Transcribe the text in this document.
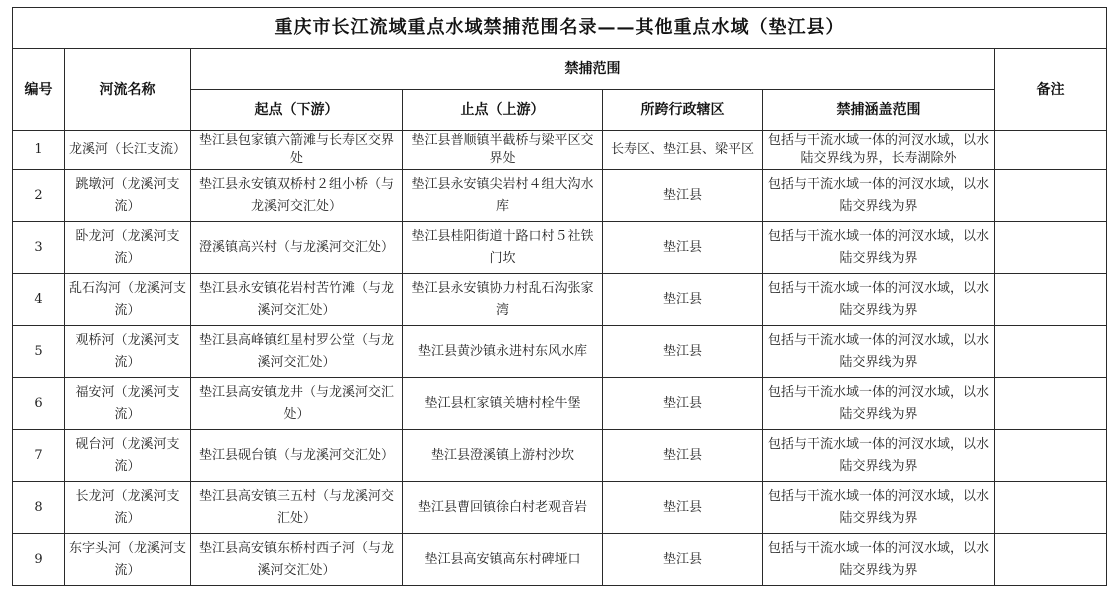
重庆市长江流域重点水域禁捕范围名录——其他重点水域（垫江县）						
编号	河流名称	禁捕范围				备注
		起点（下游）	止点（上游）	所跨行政辖区	禁捕涵盖范围	
1	龙溪河（长江支流）	垫江县包家镇六箭滩与长寿区交界处	垫江县普顺镇半截桥与梁平区交界处	长寿区、垫江县、梁平区	包括与干流水域一体的河汊水域，以水陆交界线为界，长寿湖除外	
2	跳墩河（龙溪河支流）	垫江县永安镇双桥村２组小桥（与龙溪河交汇处）	垫江县永安镇尖岩村４组大沟水库	垫江县	包括与干流水域一体的河汊水域，以水陆交界线为界	
3	卧龙河（龙溪河支流）	澄溪镇高兴村（与龙溪河交汇处）	垫江县桂阳街道十路口村５社铁门坎	垫江县	包括与干流水域一体的河汊水域，以水陆交界线为界	
4	乱石沟河（龙溪河支流）	垫江县永安镇花岩村苦竹滩（与龙溪河交汇处）	垫江县永安镇协力村乱石沟张家湾	垫江县	包括与干流水域一体的河汊水域，以水陆交界线为界	
5	观桥河（龙溪河支流）	垫江县高峰镇红星村罗公堂（与龙溪河交汇处）	垫江县黄沙镇永进村东风水库	垫江县	包括与干流水域一体的河汊水域，以水陆交界线为界	
6	福安河（龙溪河支流）	垫江县高安镇龙井（与龙溪河交汇处）	垫江县杠家镇关塘村栓牛堡	垫江县	包括与干流水域一体的河汊水域，以水陆交界线为界	
7	砚台河（龙溪河支流）	垫江县砚台镇（与龙溪河交汇处）	垫江县澄溪镇上游村沙坎	垫江县	包括与干流水域一体的河汊水域，以水陆交界线为界	
8	长龙河（龙溪河支流）	垫江县高安镇三五村（与龙溪河交汇处）	垫江县曹回镇徐白村老观音岩	垫江县	包括与干流水域一体的河汊水域，以水陆交界线为界	
9	东字头河（龙溪河支流）	垫江县高安镇东桥村西子河（与龙溪河交汇处）	垫江县高安镇高东村碑垭口	垫江县	包括与干流水域一体的河汊水域，以水陆交界线为界	
